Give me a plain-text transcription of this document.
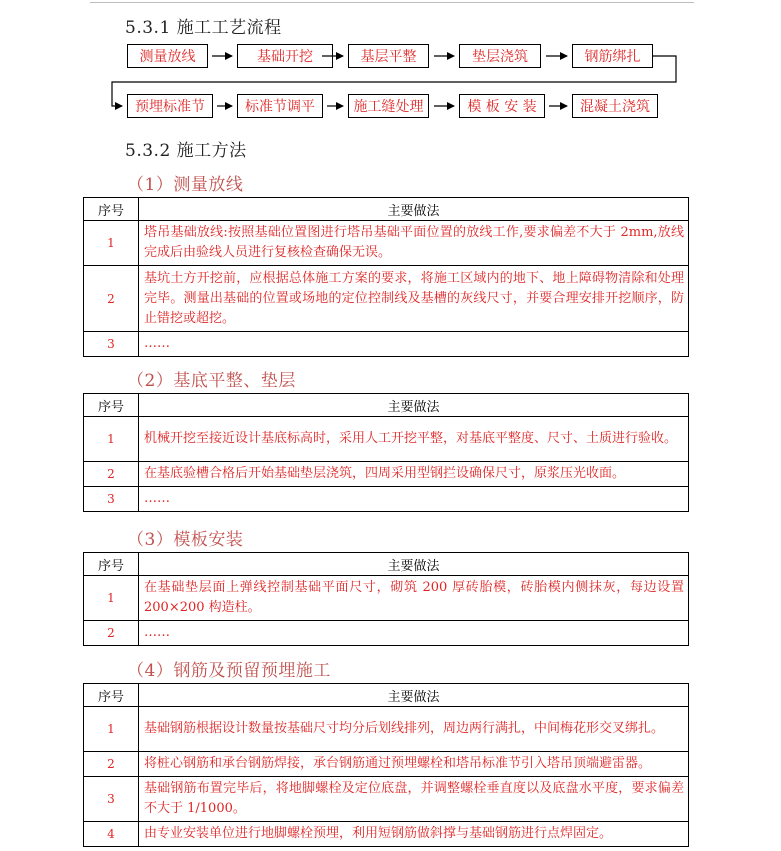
5.3.1 施工工艺流程
测量放线	基础开挖	基层平整	垫层浇筑	钢筋绑扎
预埋标准节	标准节调平	施工缝处理	模 板 安 装	混凝土浇筑
5.3.2 施工方法
（1）测量放线
序号	主要做法
1	塔吊基础放线:按照基础位置图进行塔吊基础平面位置的放线工作,要求偏差不大于 2mm,放线完成后由验线人员进行复核检查确保无误。
2	基坑土方开挖前，应根据总体施工方案的要求，将施工区域内的地下、地上障碍物清除和处理完毕。测量出基础的位置或场地的定位控制线及基槽的灰线尺寸，并要合理安排开挖顺序，防止错挖或超挖。
3	……
（2）基底平整、垫层
序号	主要做法
1	机械开挖至接近设计基底标高时，采用人工开挖平整，对基底平整度、尺寸、土质进行验收。
2	在基底验槽合格后开始基础垫层浇筑，四周采用型钢拦设确保尺寸，原浆压光收面。
3	……
（3）模板安装
序号	主要做法
1	在基础垫层面上弹线控制基础平面尺寸，砌筑 200 厚砖胎模，砖胎模内侧抹灰，每边设置 200×200 构造柱。
2	……
（4）钢筋及预留预埋施工
序号	主要做法
1	基础钢筋根据设计数量按基础尺寸均分后划线排列，周边两行满扎，中间梅花形交叉绑扎。
2	将桩心钢筋和承台钢筋焊接，承台钢筋通过预埋螺栓和塔吊标准节引入塔吊顶端避雷器。
3	基础钢筋布置完毕后，将地脚螺栓及定位底盘，并调整螺栓垂直度以及底盘水平度，要求偏差不大于 1/1000。
4	由专业安装单位进行地脚螺栓预埋，利用短钢筋做斜撑与基础钢筋进行点焊固定。
